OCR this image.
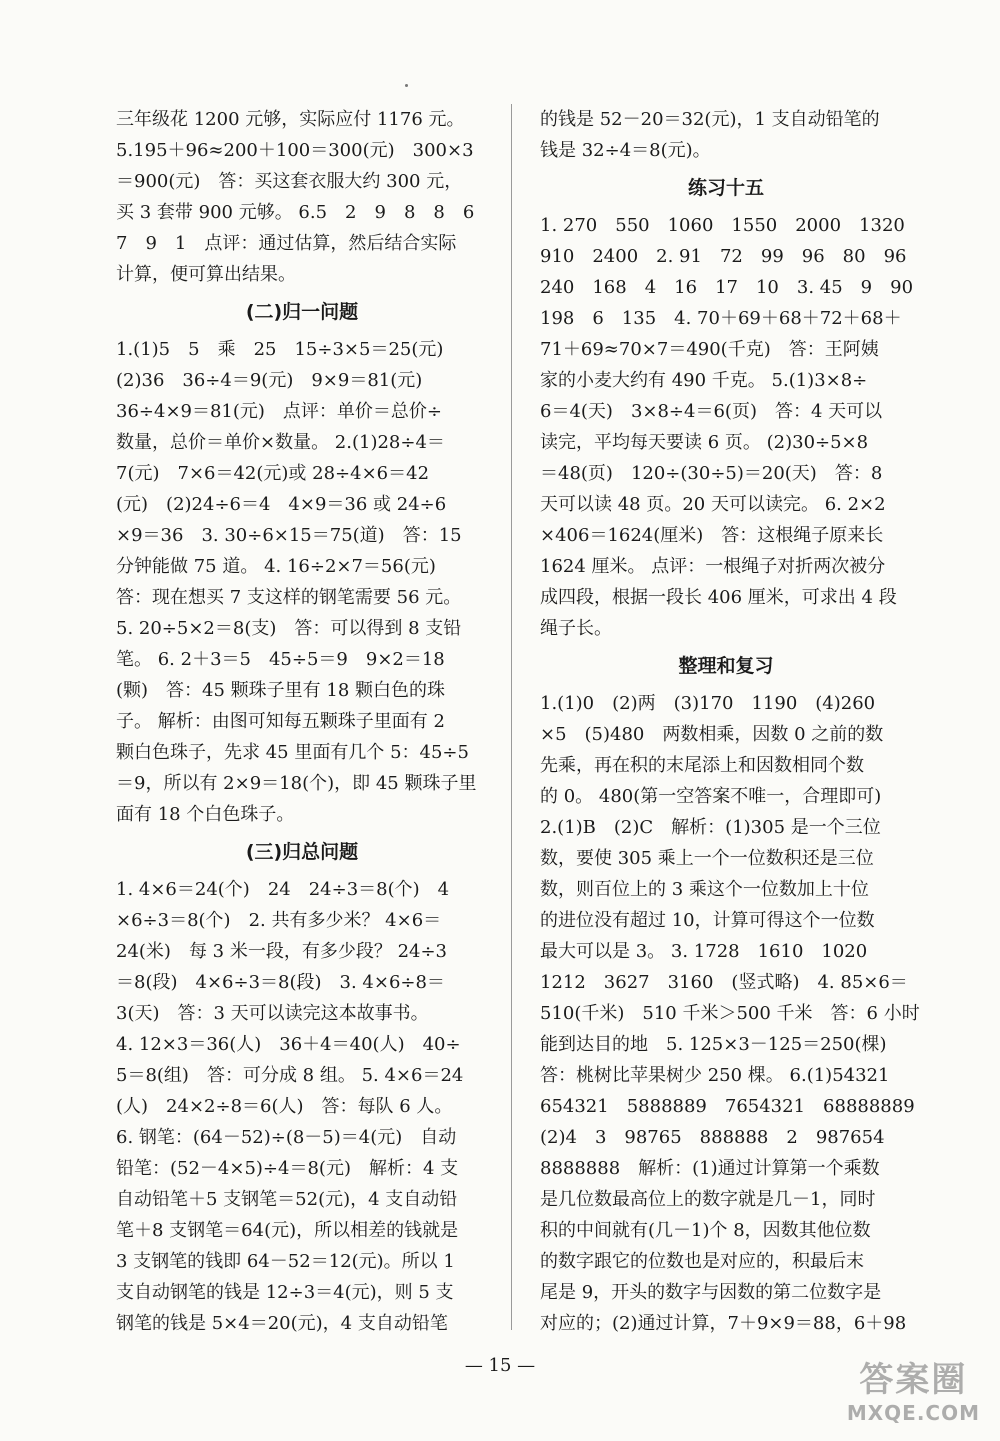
三年级花 1200 元够，实际应付 1176 元。
5.195＋96≈200＋100＝300(元)　300×3
＝900(元)　答：买这套衣服大约 300 元，
买 3 套带 900 元够。 6.5　2　9　8　8　6
7　9　1　点评：通过估算，然后结合实际
计算，便可算出结果。
(二)归一问题
1.(1)5　5　乘　25　15÷3×5＝25(元)
(2)36　36÷4＝9(元)　9×9＝81(元)
36÷4×9＝81(元)　点评：单价＝总价÷
数量，总价＝单价×数量。 2.(1)28÷4＝
7(元)　7×6＝42(元)或 28÷4×6＝42
(元)　(2)24÷6＝4　4×9＝36 或 24÷6
×9＝36　3. 30÷6×15＝75(道)　答：15
分钟能做 75 道。 4. 16÷2×7＝56(元)
答：现在想买 7 支这样的钢笔需要 56 元。
5. 20÷5×2＝8(支)　答：可以得到 8 支铅
笔。 6. 2＋3＝5　45÷5＝9　9×2＝18
(颗)　答：45 颗珠子里有 18 颗白色的珠
子。 解析：由图可知每五颗珠子里面有 2
颗白色珠子，先求 45 里面有几个 5：45÷5
＝9，所以有 2×9＝18(个)，即 45 颗珠子里
面有 18 个白色珠子。
(三)归总问题
1. 4×6＝24(个)　24　24÷3＝8(个)　4
×6÷3＝8(个)　2. 共有多少米？ 4×6＝
24(米)　每 3 米一段，有多少段？ 24÷3
＝8(段)　4×6÷3＝8(段)　3. 4×6÷8＝
3(天)　答：3 天可以读完这本故事书。
4. 12×3＝36(人)　36＋4＝40(人)　40÷
5＝8(组)　答：可分成 8 组。 5. 4×6＝24
(人)　24×2÷8＝6(人)　答：每队 6 人。
6. 钢笔：(64－52)÷(8－5)＝4(元)　自动
铅笔：(52－4×5)÷4＝8(元)　解析：4 支
自动铅笔＋5 支钢笔＝52(元)，4 支自动铅
笔＋8 支钢笔＝64(元)，所以相差的钱就是
3 支钢笔的钱即 64－52＝12(元)。所以 1
支自动钢笔的钱是 12÷3＝4(元)，则 5 支
钢笔的钱是 5×4＝20(元)，4 支自动铅笔
的钱是 52－20＝32(元)，1 支自动铅笔的
钱是 32÷4＝8(元)。
练习十五
1. 270　550　1060　1550　2000　1320
910　2400　2. 91　72　99　96　80　96
240　168　4　16　17　10　3. 45　9　90
198　6　135　4. 70＋69＋68＋72＋68＋
71＋69≈70×7＝490(千克)　答：王阿姨
家的小麦大约有 490 千克。 5.(1)3×8÷
6＝4(天)　3×8÷4＝6(页)　答：4 天可以
读完，平均每天要读 6 页。 (2)30÷5×8
＝48(页)　120÷(30÷5)＝20(天)　答：8
天可以读 48 页。20 天可以读完。 6. 2×2
×406＝1624(厘米)　答：这根绳子原来长
1624 厘米。 点评：一根绳子对折两次被分
成四段，根据一段长 406 厘米，可求出 4 段
绳子长。
整理和复习
1.(1)0　(2)两　(3)170　1190　(4)260
×5　(5)480　两数相乘，因数 0 之前的数
先乘，再在积的末尾添上和因数相同个数
的 0。 480(第一空答案不唯一，合理即可)
2.(1)B　(2)C　解析：(1)305 是一个三位
数，要使 305 乘上一个一位数积还是三位
数，则百位上的 3 乘这个一位数加上十位
的进位没有超过 10，计算可得这个一位数
最大可以是 3。 3. 1728　1610　1020
1212　3627　3160　(竖式略)　4. 85×6＝
510(千米)　510 千米＞500 千米　答：6 小时
能到达目的地　5. 125×3－125＝250(棵)
答：桃树比苹果树少 250 棵。 6.(1)54321
654321　5888889　7654321　68888889
(2)4　3　98765　888888　2　987654
8888888　解析：(1)通过计算第一个乘数
是几位数最高位上的数字就是几－1，同时
积的中间就有(几－1)个 8，因数其他位数
的数字跟它的位数也是对应的，积最后末
尾是 9，开头的数字与因数的第二位数字是
对应的；(2)通过计算，7＋9×9＝88，6＋98
— 15 —	答案圈
MXQE.COM
